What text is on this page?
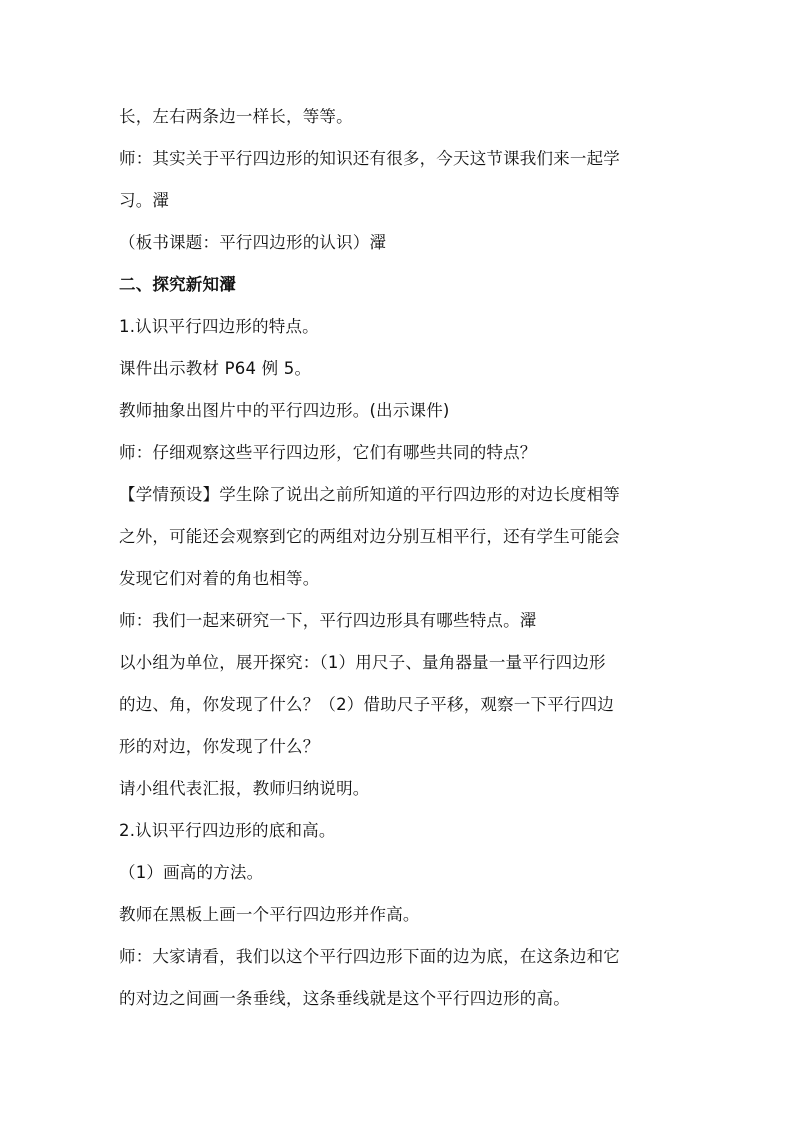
长，左右两条边一样长，等等。
师：其实关于平行四边形的知识还有很多，今天这节课我们来一起学
习。瀈
（板书课题：平行四边形的认识）瀈
二、探究新知瀈
1.认识平行四边形的特点。
课件出示教材 P64 例 5。
教师抽象出图片中的平行四边形。(出示课件)
师：仔细观察这些平行四边形，它们有哪些共同的特点？
【学情预设】学生除了说出之前所知道的平行四边形的对边长度相等
之外，可能还会观察到它的两组对边分别互相平行，还有学生可能会
发现它们对着的角也相等。
师：我们一起来研究一下，平行四边形具有哪些特点。瀈
以小组为单位，展开探究：（1）用尺子、量角器量一量平行四边形
的边、角，你发现了什么？（2）借助尺子平移，观察一下平行四边
形的对边，你发现了什么？
请小组代表汇报，教师归纳说明。
2.认识平行四边形的底和高。
（1）画高的方法。
教师在黑板上画一个平行四边形并作高。
师：大家请看，我们以这个平行四边形下面的边为底，在这条边和它
的对边之间画一条垂线，这条垂线就是这个平行四边形的高。
